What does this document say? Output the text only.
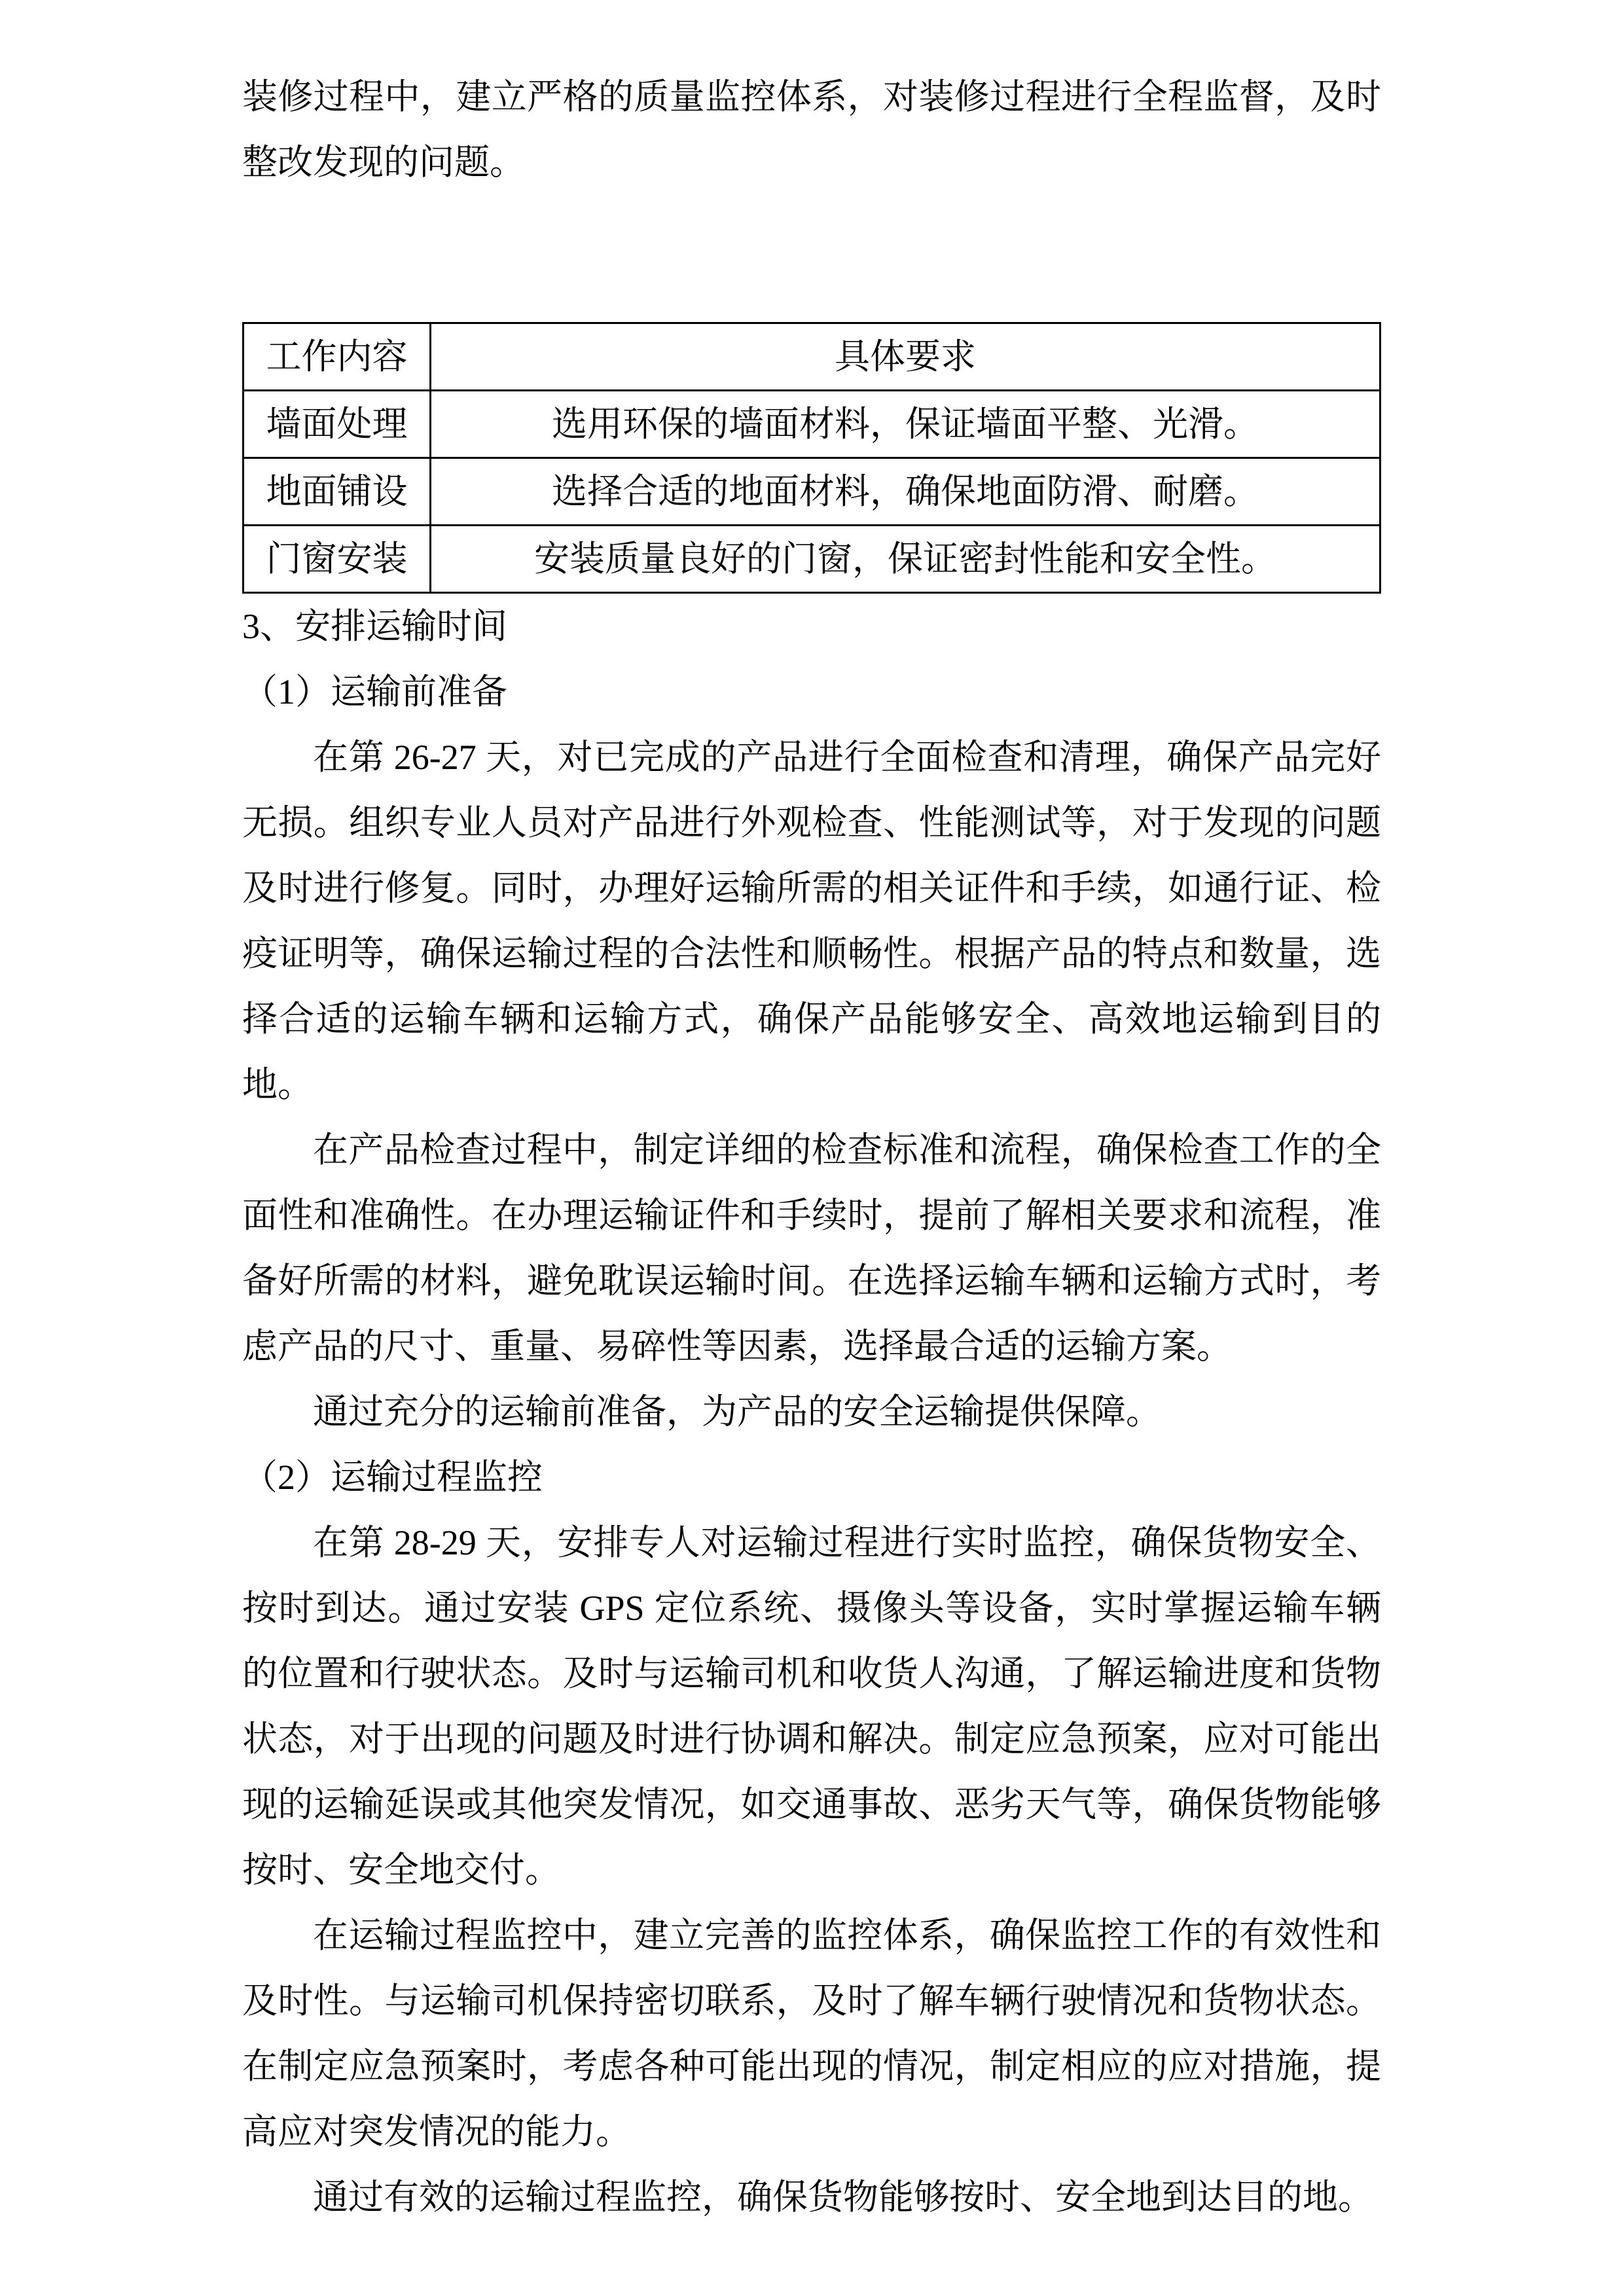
装修过程中，建立严格的质量监控体系，对装修过程进行全程监督，及时整改发现的问题。

工作内容	具体要求
墙面处理	选用环保的墙面材料，保证墙面平整、光滑。
地面铺设	选择合适的地面材料，确保地面防滑、耐磨。
门窗安装	安装质量良好的门窗，保证密封性能和安全性。

3、安排运输时间

（1）运输前准备

在第 26-27 天，对已完成的产品进行全面检查和清理，确保产品完好无损。组织专业人员对产品进行外观检查、性能测试等，对于发现的问题及时进行修复。同时，办理好运输所需的相关证件和手续，如通行证、检疫证明等，确保运输过程的合法性和顺畅性。根据产品的特点和数量，选择合适的运输车辆和运输方式，确保产品能够安全、高效地运输到目的地。

在产品检查过程中，制定详细的检查标准和流程，确保检查工作的全面性和准确性。在办理运输证件和手续时，提前了解相关要求和流程，准备好所需的材料，避免耽误运输时间。在选择运输车辆和运输方式时，考虑产品的尺寸、重量、易碎性等因素，选择最合适的运输方案。

通过充分的运输前准备，为产品的安全运输提供保障。

（2）运输过程监控

在第 28-29 天，安排专人对运输过程进行实时监控，确保货物安全、按时到达。通过安装 GPS 定位系统、摄像头等设备，实时掌握运输车辆的位置和行驶状态。及时与运输司机和收货人沟通，了解运输进度和货物状态，对于出现的问题及时进行协调和解决。制定应急预案，应对可能出现的运输延误或其他突发情况，如交通事故、恶劣天气等，确保货物能够按时、安全地交付。

在运输过程监控中，建立完善的监控体系，确保监控工作的有效性和及时性。与运输司机保持密切联系，及时了解车辆行驶情况和货物状态。在制定应急预案时，考虑各种可能出现的情况，制定相应的应对措施，提高应对突发情况的能力。

通过有效的运输过程监控，确保货物能够按时、安全地到达目的地。
